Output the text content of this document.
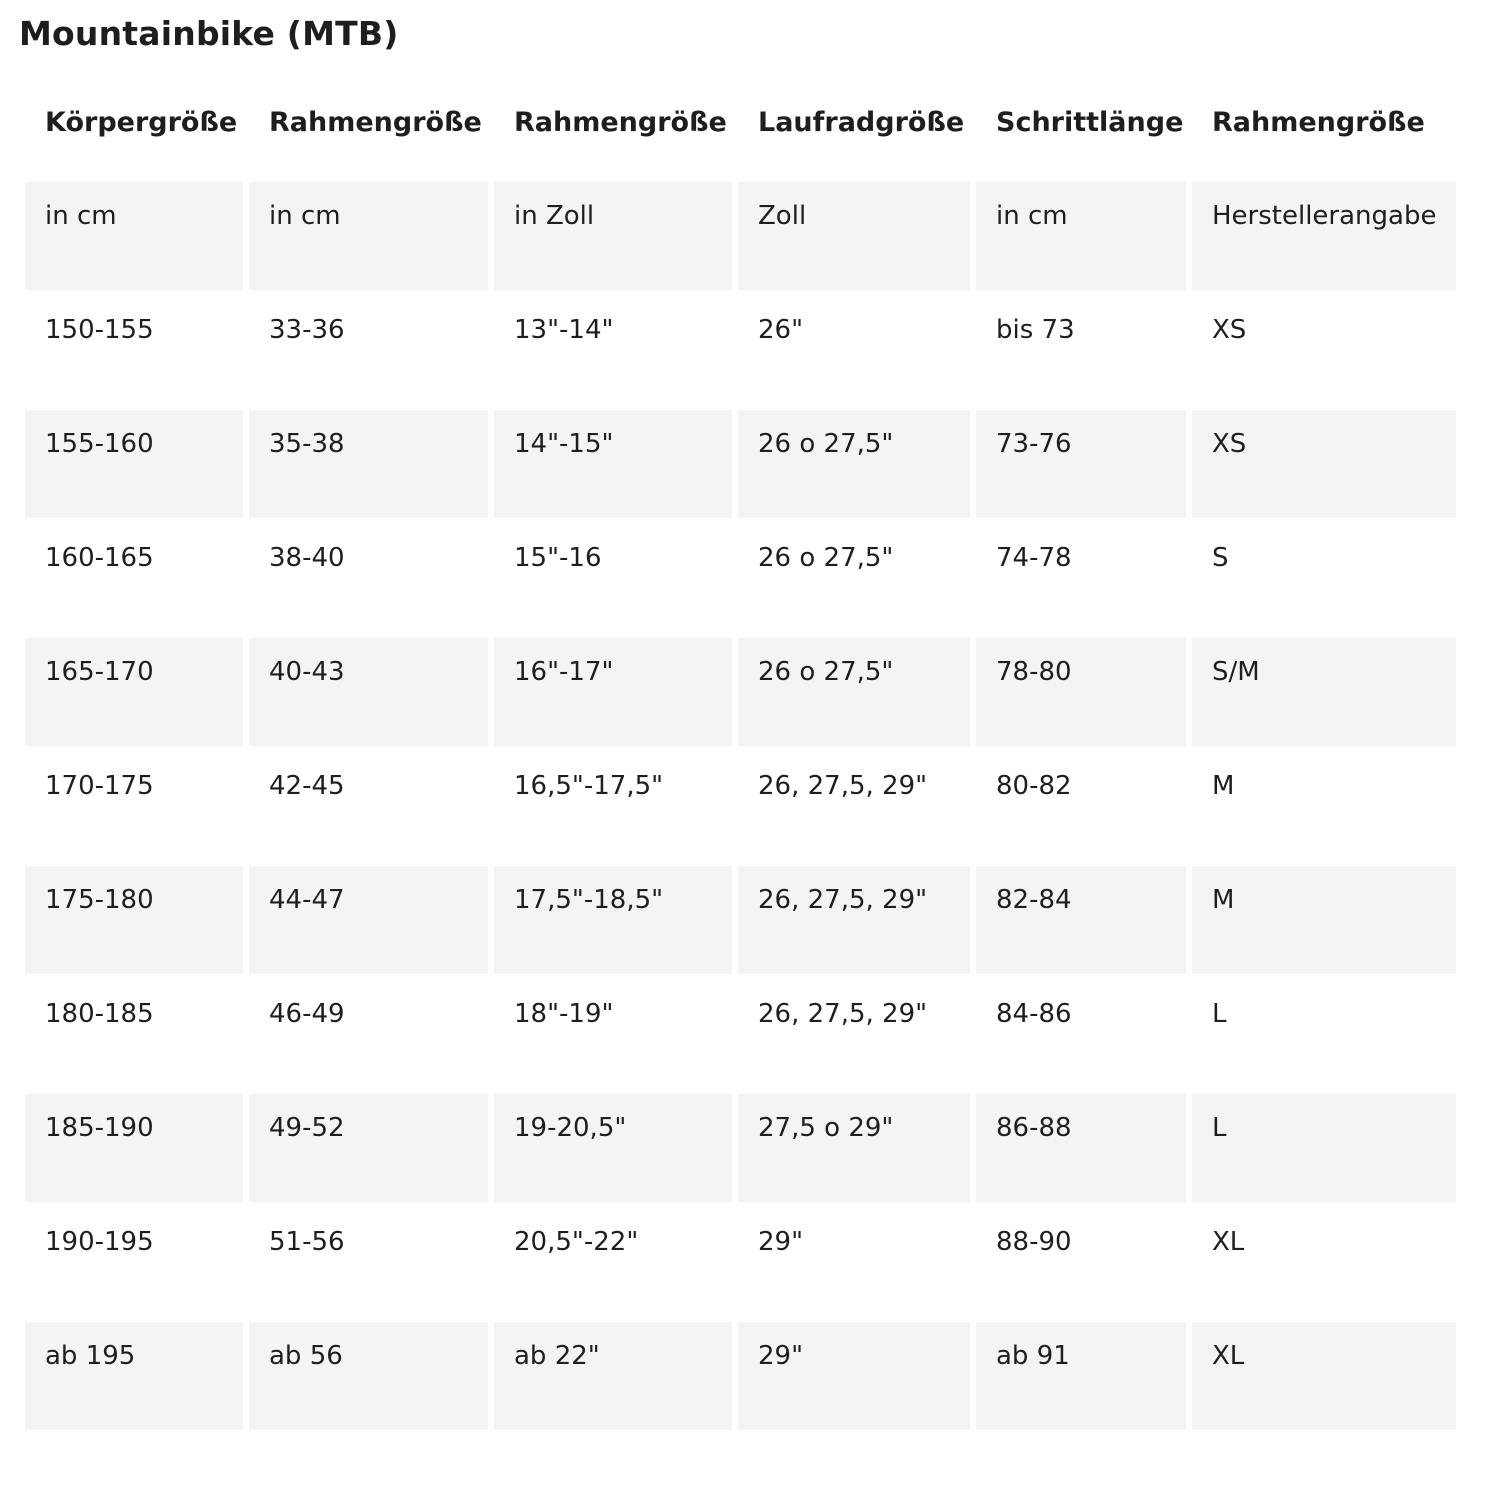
Mountainbike (MTB)
Körpergröße	Rahmengröße	Rahmengröße	Laufradgröße	Schrittlänge	Rahmengröße
in cm	in cm	in Zoll	Zoll	in cm	Herstellerangabe
150-155	33-36	13"-14"	26"	bis 73	XS
155-160	35-38	14"-15"	26 o 27,5"	73-76	XS
160-165	38-40	15"-16	26 o 27,5"	74-78	S
165-170	40-43	16"-17"	26 o 27,5"	78-80	S/M
170-175	42-45	16,5"-17,5"	26, 27,5, 29"	80-82	M
175-180	44-47	17,5"-18,5"	26, 27,5, 29"	82-84	M
180-185	46-49	18"-19"	26, 27,5, 29"	84-86	L
185-190	49-52	19-20,5"	27,5 o 29"	86-88	L
190-195	51-56	20,5"-22"	29"	88-90	XL
ab 195	ab 56	ab 22"	29"	ab 91	XL
